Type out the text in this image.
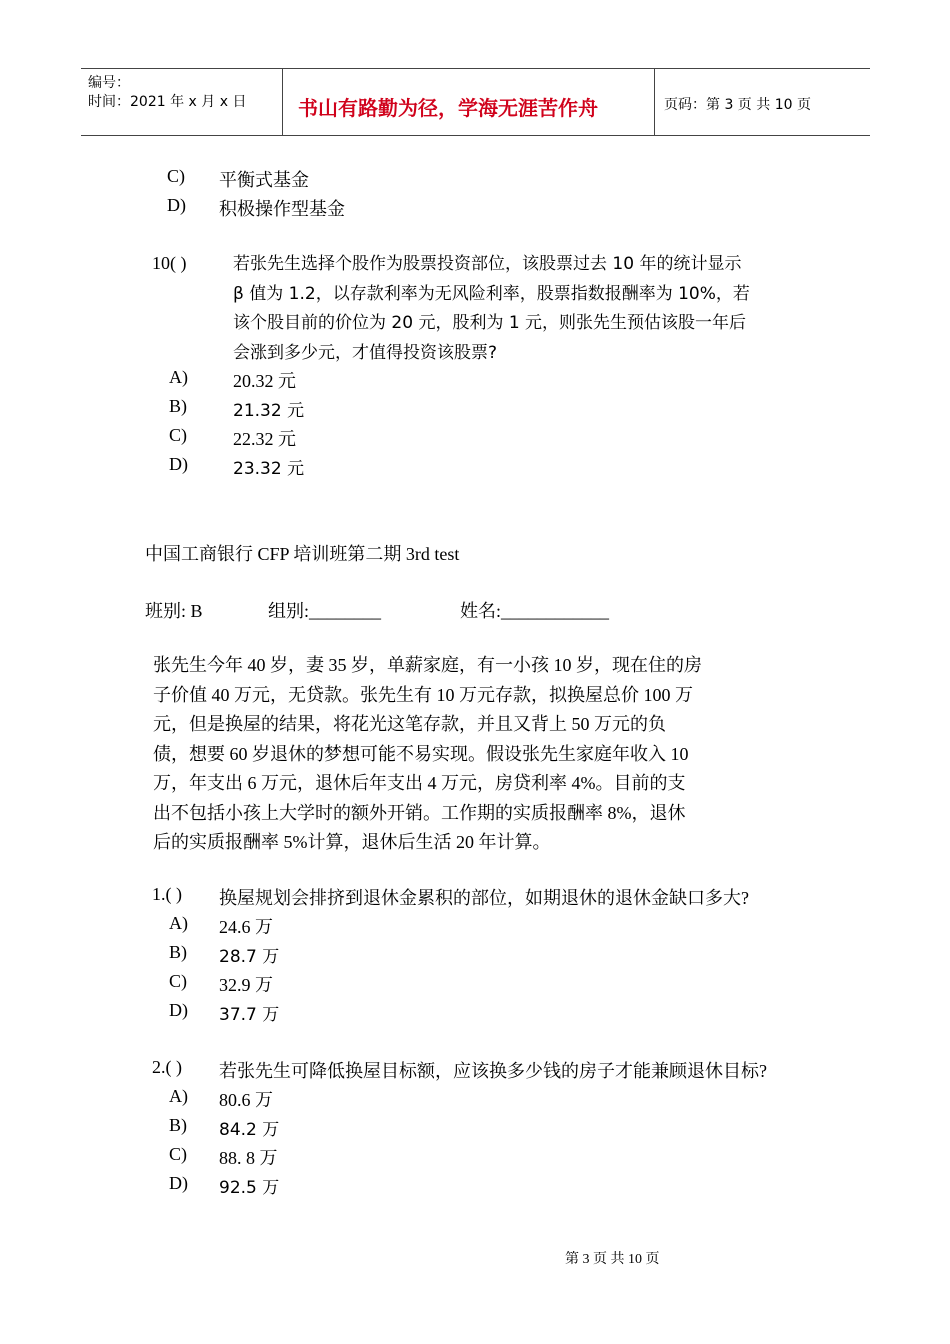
编号：
时间：2021 年 x 月 x 日	书山有路勤为径，学海无涯苦作舟	页码：第 3 页 共 10 页
C) 平衡式基金
D) 积极操作型基金
10( )	若张先生选择个股作为股票投资部位，该股票过去 10 年的统计显示
β 值为 1.2，以存款利率为无风险利率，股票指数报酬率为 10%，若
该个股目前的价位为 20 元，股利为 1 元，则张先生预估该股一年后
会涨到多少元，才值得投资该股票?
A)	20.32 元
B)	21.32 元
C)	22.32 元
D)	23.32 元
中国工商银行 CFP 培训班第二期 3rd test
班别: B	组别:________	姓名:____________
张先生今年 40 岁，妻 35 岁，单薪家庭，有一小孩 10 岁，现在住的房
子价值 40 万元，无贷款。张先生有 10 万元存款，拟换屋总价 100 万
元，但是换屋的结果，将花光这笔存款，并且又背上 50 万元的负
债，想要 60 岁退休的梦想可能不易实现。假设张先生家庭年收入 10
万，年支出 6 万元，退休后年支出 4 万元，房贷利率 4%。目前的支
出不包括小孩上大学时的额外开销。工作期的实质报酬率 8%，退休
后的实质报酬率 5%计算，退休后生活 20 年计算。
1.( ) 换屋规划会排挤到退休金累积的部位，如期退休的退休金缺口多大?
A) 24.6 万
B) 28.7 万
C) 32.9 万
D) 37.7 万
2.( ) 若张先生可降低换屋目标额，应该换多少钱的房子才能兼顾退休目标?
A) 80.6 万
B) 84.2 万
C) 88. 8 万
D) 92.5 万
第 3 页 共 10 页
